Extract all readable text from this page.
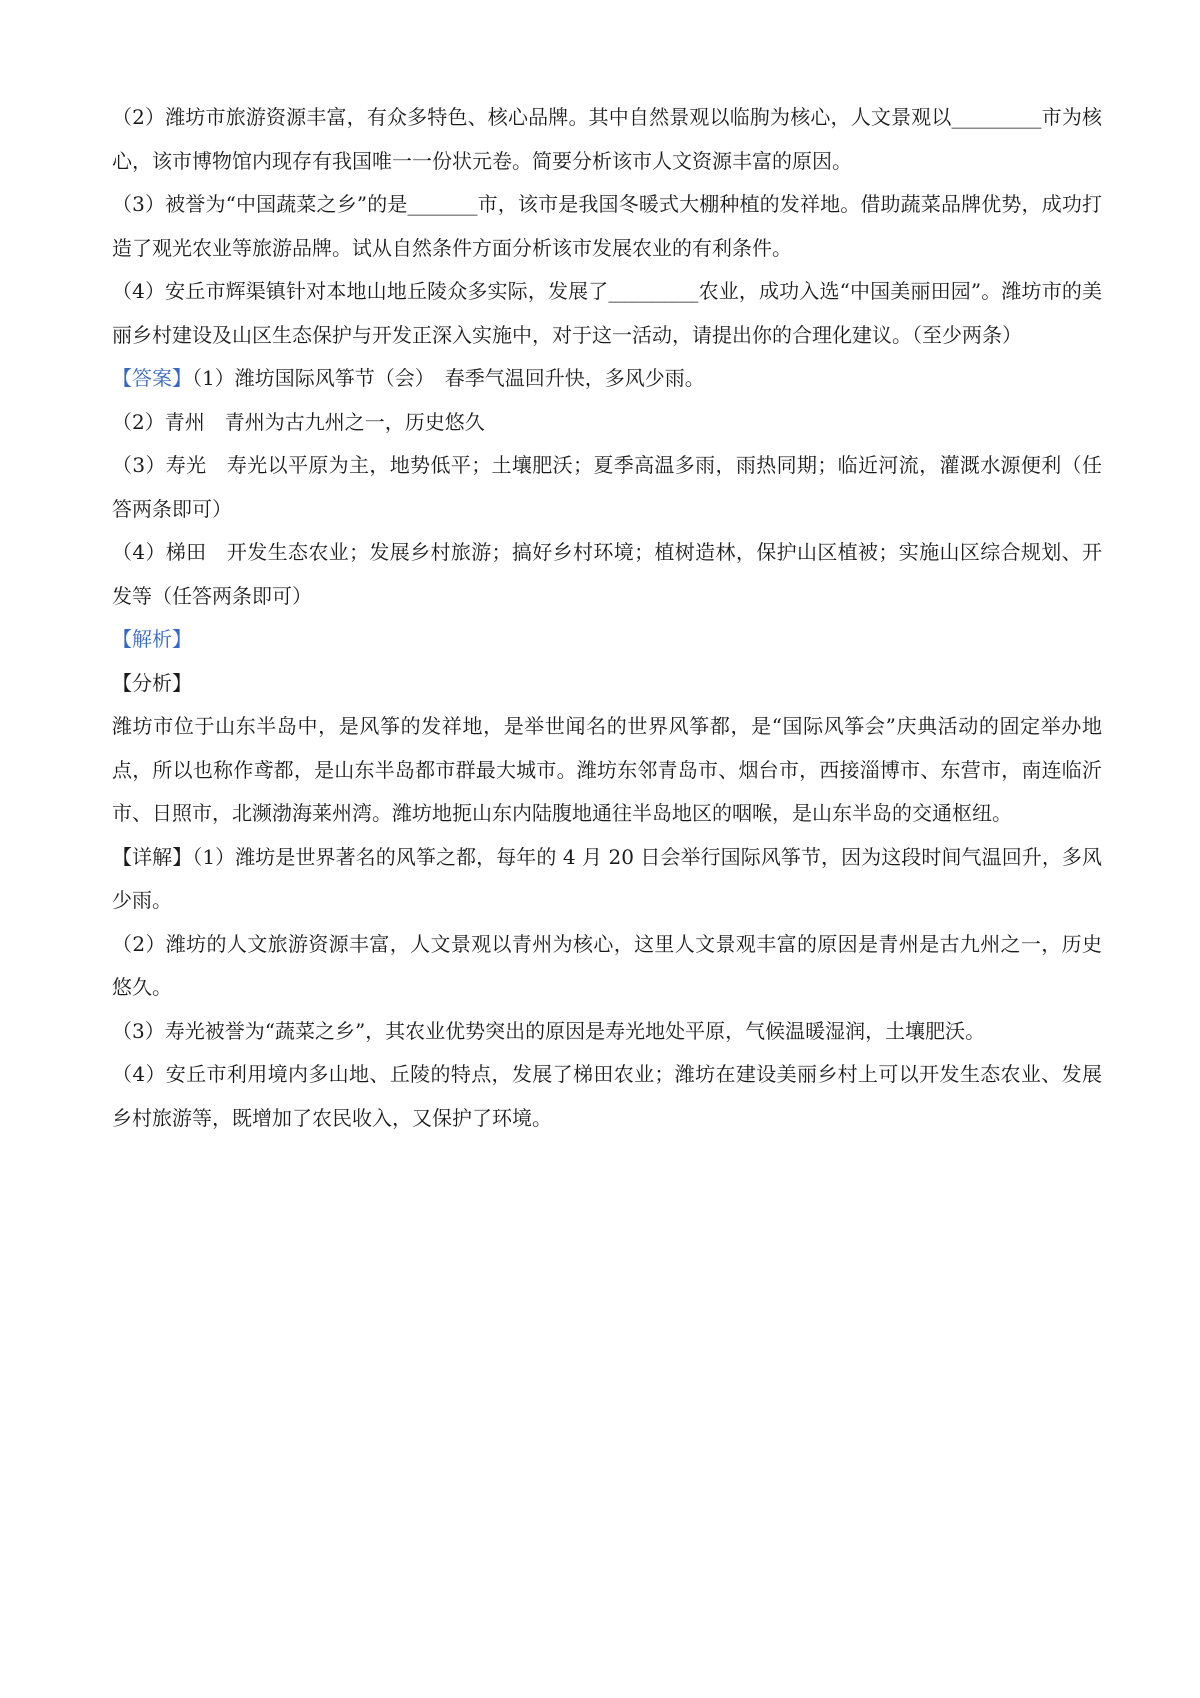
（2）潍坊市旅游资源丰富，有众多特色、核心品牌。其中自然景观以临朐为核心，人文景观以_________市为核心，该市博物馆内现存有我国唯一一份状元卷。简要分析该市人文资源丰富的原因。

（3）被誉为“中国蔬菜之乡”的是_______市，该市是我国冬暖式大棚种植的发祥地。借助蔬菜品牌优势，成功打造了观光农业等旅游品牌。试从自然条件方面分析该市发展农业的有利条件。

（4）安丘市辉渠镇针对本地山地丘陵众多实际，发展了_________农业，成功入选“中国美丽田园”。潍坊市的美丽乡村建设及山区生态保护与开发正深入实施中，对于这一活动，请提出你的合理化建议。（至少两条）

【答案】（1）潍坊国际风筝节（会）　春季气温回升快，多风少雨。

（2）青州　青州为古九州之一，历史悠久

（3）寿光　寿光以平原为主，地势低平；土壤肥沃；夏季高温多雨，雨热同期；临近河流，灌溉水源便利（任答两条即可）

（4）梯田　开发生态农业；发展乡村旅游；搞好乡村环境；植树造林，保护山区植被；实施山区综合规划、开发等（任答两条即可）

【解析】

【分析】

潍坊市位于山东半岛中，是风筝的发祥地，是举世闻名的世界风筝都，是“国际风筝会”庆典活动的固定举办地点，所以也称作鸢都，是山东半岛都市群最大城市。潍坊东邻青岛市、烟台市，西接淄博市、东营市，南连临沂市、日照市，北濒渤海莱州湾。潍坊地扼山东内陆腹地通往半岛地区的咽喉，是山东半岛的交通枢纽。

【详解】（1）潍坊是世界著名的风筝之都，每年的 4 月 20 日会举行国际风筝节，因为这段时间气温回升，多风少雨。

（2）潍坊的人文旅游资源丰富，人文景观以青州为核心，这里人文景观丰富的原因是青州是古九州之一，历史悠久。

（3）寿光被誉为“蔬菜之乡”，其农业优势突出的原因是寿光地处平原，气候温暖湿润，土壤肥沃。

（4）安丘市利用境内多山地、丘陵的特点，发展了梯田农业；潍坊在建设美丽乡村上可以开发生态农业、发展乡村旅游等，既增加了农民收入，又保护了环境。
